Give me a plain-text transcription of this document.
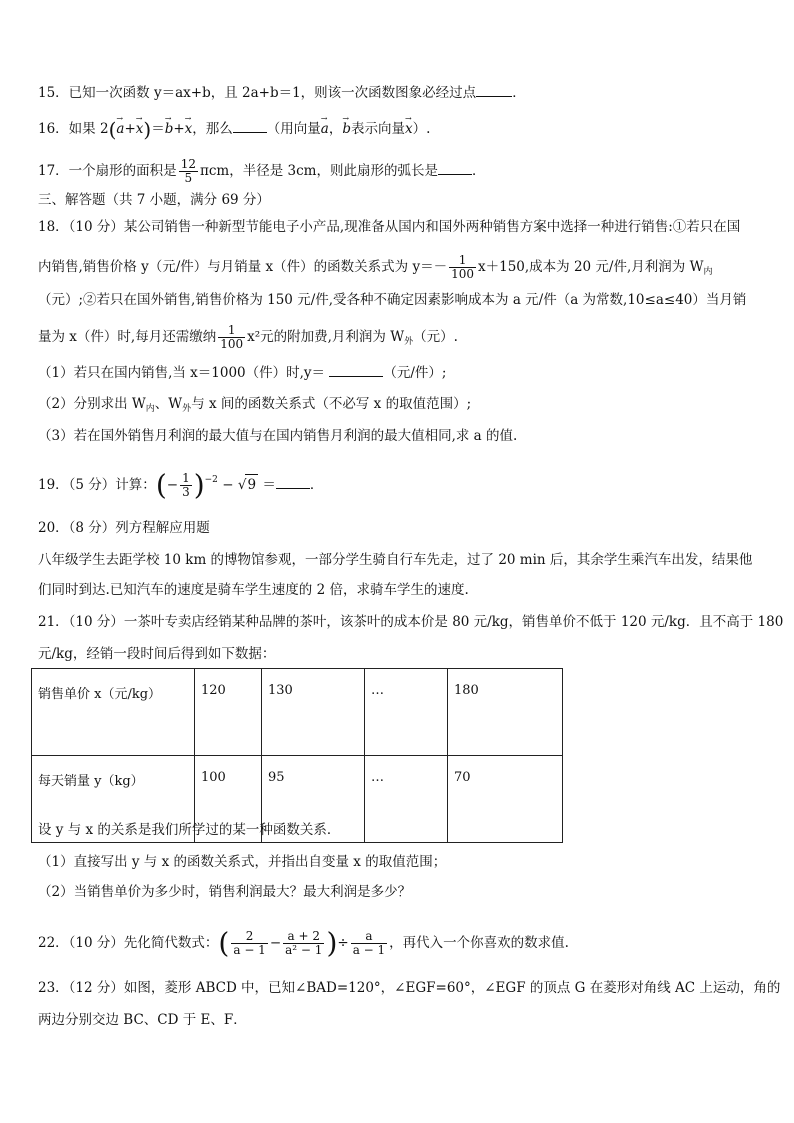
15．已知一次函数 y＝ax+b，且 2a+b＝1，则该一次函数图象必经过点	．
16．如果 2(→ a+→ x)＝→ b+→ x，那么	（用向量→ a，→ b表示向量→ x）.
17．一个扇形的面积是 $\frac{12}{5}$ πcm，半径是 3cm，则此扇形的弧长是	．
三、解答题（共 7 小题，满分 69 分）
18．（10 分）某公司销售一种新型节能电子小产品,现准备从国内和国外两种销售方案中选择一种进行销售:①若只在国
内销售,销售价格 y（元/件）与月销量 x（件）的函数关系式为 $y=- \frac{1}{100} x+150$,成本为 20 元/件,月利润为 $W_内$
（元）;②若只在国外销售,销售价格为 150 元/件,受各种不确定因素影响成本为 a 元/件（a 为常数,10≤a≤40）当月销
量为 x（件）时,每月还需缴纳 $\frac{1}{100} x^2$元的附加费,月利润为 $W_外$（元）.
（1）若只在国内销售,当 x＝1000（件）时,y＝	（元/件）;
（2）分别求出 $W_内$、$W_外$与 x 间的函数关系式（不必写 x 的取值范围）;
（3）若在国外销售月利润的最大值与在国内销售月利润的最大值相同,求 a 的值.
19．（5 分）计算：(− $\frac{1}{3} )^{-2} - √9$ ＝	．
20．（8 分）列方程解应用题
八年级学生去距学校 10 km 的博物馆参观，一部分学生骑自行车先走，过了 20 min 后，其余学生乘汽车出发，结果他
们同时到达.已知汽车的速度是骑车学生速度的 2 倍，求骑车学生的速度.
21．（10 分）一茶叶专卖店经销某种品牌的茶叶，该茶叶的成本价是 80 元/kg，销售单价不低于 120 元/kg．且不高于 180
元/kg，经销一段时间后得到如下数据：
销售单价 x（元/kg）	120	130	…	180
每天销量 y（kg）	100	95	…	70
设 y 与 x 的关系是我们所学过的某一种函数关系．
（1）直接写出 y 与 x 的函数关系式，并指出自变量 x 的取值范围；
（2）当销售单价为多少时，销售利润最大？最大利润是多少？
22．（10 分）先化简代数式：( $\frac{2}{a - 1} - \frac{a + 2}{\text{a² − 1}}$ )÷ $\frac{a}{a - 1}$ ，再代入一个你喜欢的数求值.
23．（12 分）如图，菱形 ABCD 中，已知∠BAD=120°，∠EGF=60°，∠EGF 的顶点 G 在菱形对角线 AC 上运动，角的
两边分别交边 BC、CD 于 E、F．
